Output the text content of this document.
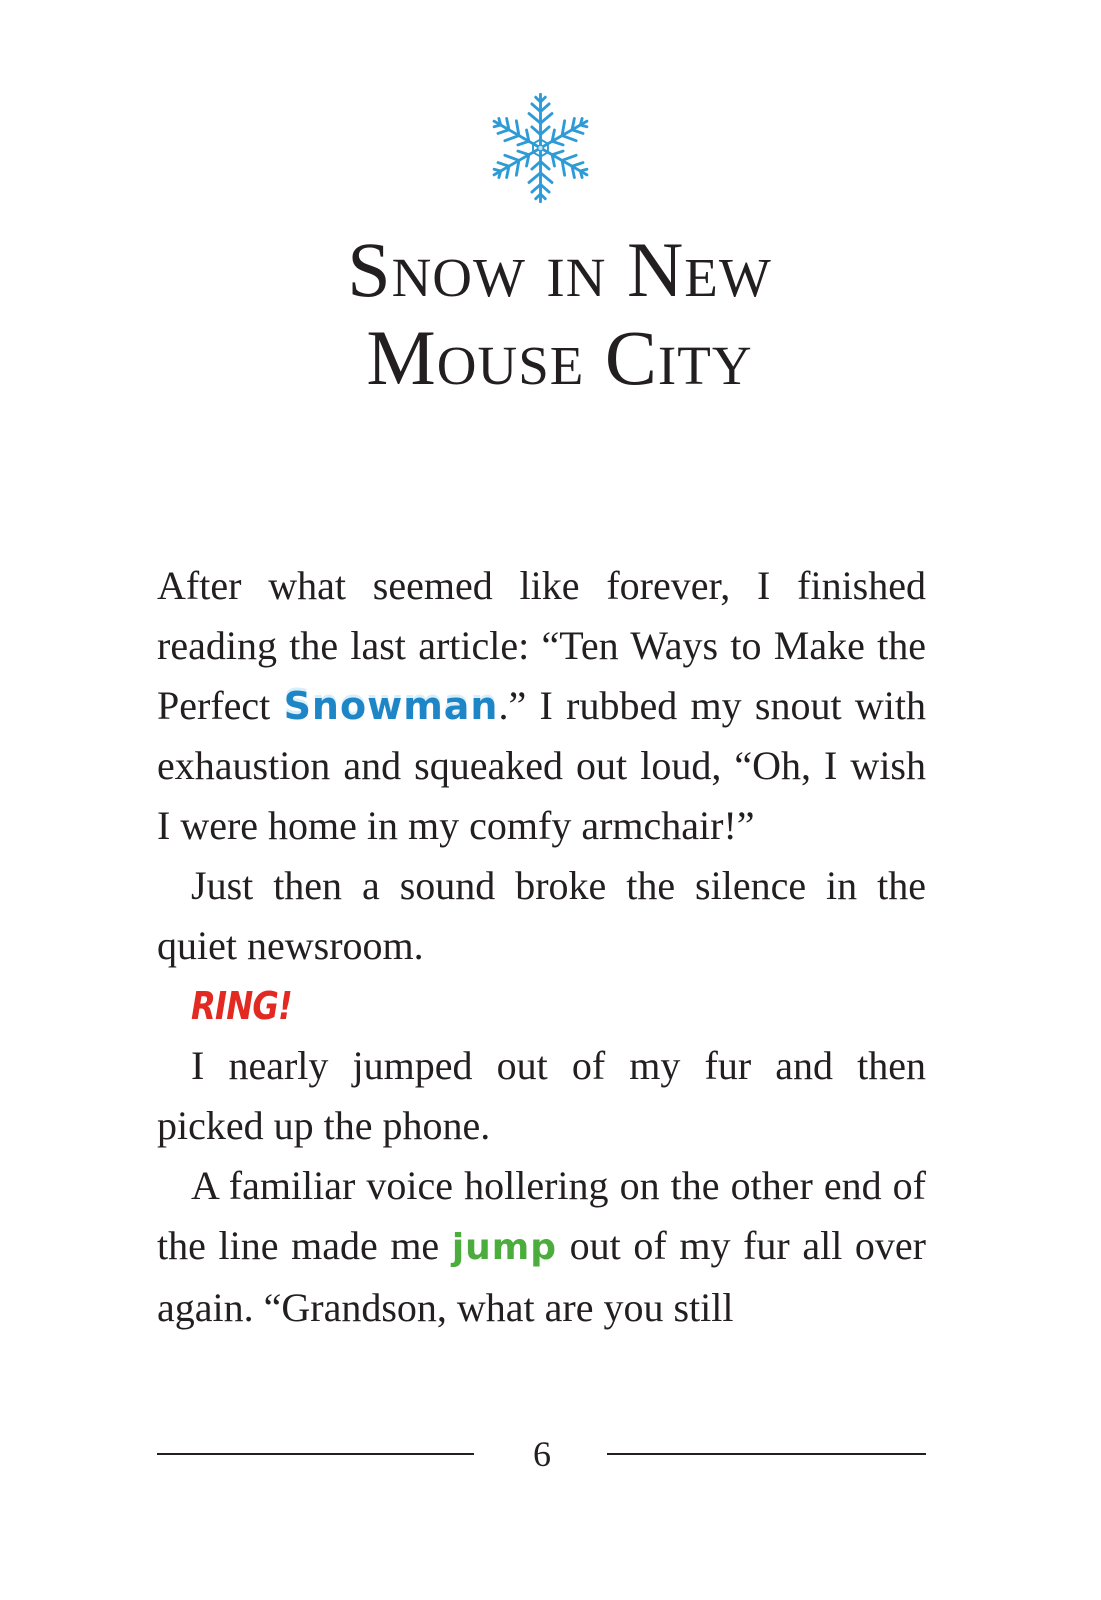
Snow in New
Mouse City

After what seemed like forever, I finished reading the last article: “Ten Ways to Make the Perfect Snowman.” I rubbed my snout with exhaustion and squeaked out loud, “Oh, I wish I were home in my comfy armchair!”

Just then a sound broke the silence in the quiet newsroom.

RING!

I nearly jumped out of my fur and then picked up the phone.

A familiar voice hollering on the other end of the line made me jump out of my fur all over again. “Grandson, what are you still

6
